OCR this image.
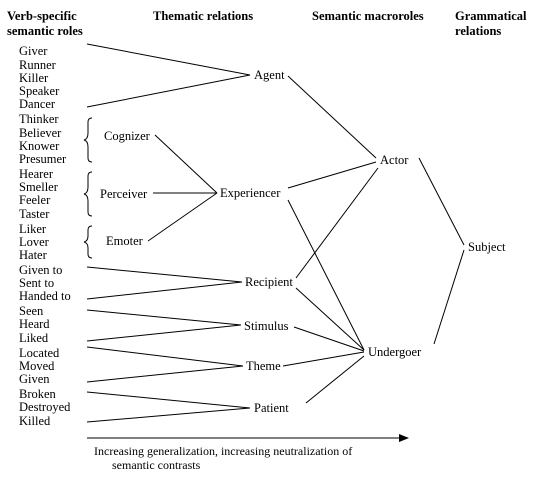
Verb-specific
semantic roles
Thematic relations	Semantic macroroles	Grammatical
relations
Giver
Runner
Killer
Speaker
Dancer
Thinker
Believer
Knower
Presumer
Hearer
Smeller
Feeler
Taster
Liker
Lover
Hater
Given to
Sent to
Handed to
Seen
Heard
Liked
Located
Moved
Given
Broken
Destroyed
Killed
Cognizer
Perceiver
Emoter
Agent
Experiencer
Recipient
Stimulus
Theme
Patient
Actor
Undergoer
Subject
Increasing generalization, increasing neutralization of
semantic contrasts
